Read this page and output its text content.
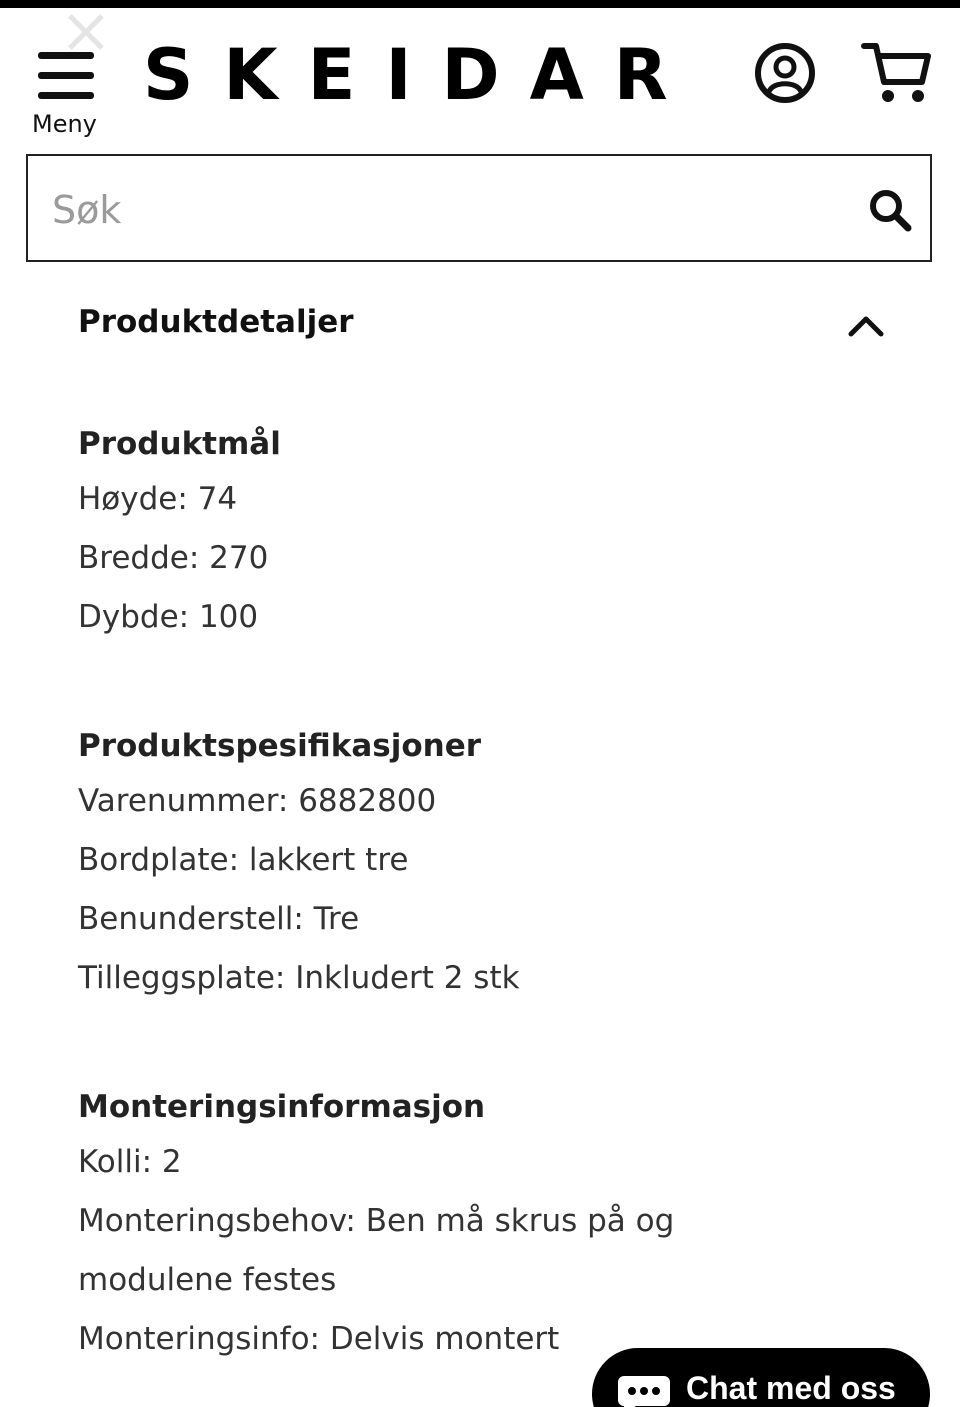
Meny
SKEIDAR
Søk
Produktdetaljer
Produktmål
Høyde: 74
Bredde: 270
Dybde: 100
Produktspesifikasjoner
Varenummer: 6882800
Bordplate: lakkert tre
Benunderstell: Tre
Tilleggsplate: Inkludert 2 stk
Monteringsinformasjon
Kolli: 2
Monteringsbehov: Ben må skrus på og
modulene festes
Monteringsinfo: Delvis montert
Chat med oss
